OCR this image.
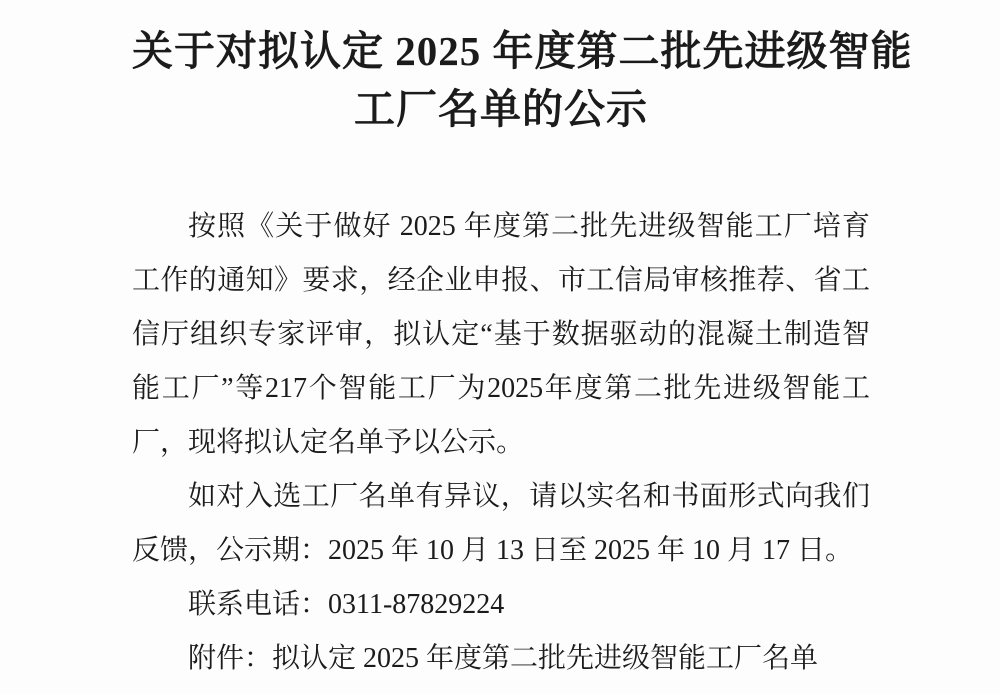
关于对拟认定 2025 年度第二批先进级智能
工厂名单的公示

按照《关于做好 2025 年度第二批先进级智能工厂培育工作的通知》要求，经企业申报、市工信局审核推荐、省工信厅组织专家评审，拟认定“基于数据驱动的混凝土制造智能工厂”等217个智能工厂为2025年度第二批先进级智能工厂，现将拟认定名单予以公示。

如对入选工厂名单有异议，请以实名和书面形式向我们反馈，公示期：2025 年 10 月 13 日至 2025 年 10 月 17 日。

联系电话：0311-87829224

附件：拟认定 2025 年度第二批先进级智能工厂名单
